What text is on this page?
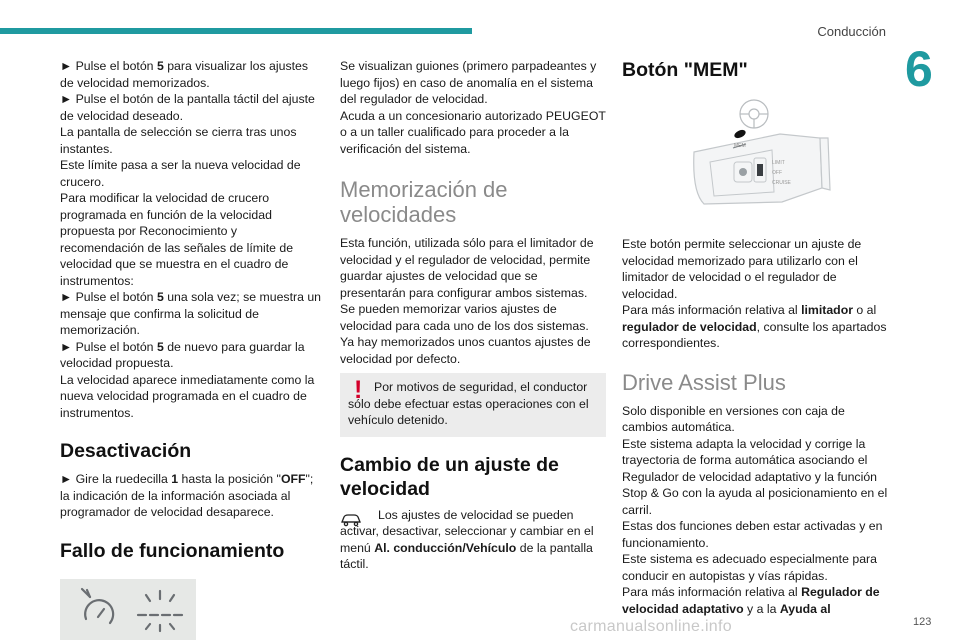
Conducción
6

► Pulse el botón 5 para visualizar los ajustes de velocidad memorizados.

► Pulse el botón de la pantalla táctil del ajuste de velocidad deseado.

La pantalla de selección se cierra tras unos instantes.

Este límite pasa a ser la nueva velocidad de crucero.

Para modificar la velocidad de crucero programada en función de la velocidad propuesta por Reconocimiento y recomendación de las señales de límite de velocidad que se muestra en el cuadro de instrumentos:

► Pulse el botón 5 una sola vez; se muestra un mensaje que confirma la solicitud de memorización.

► Pulse el botón 5 de nuevo para guardar la velocidad propuesta.

La velocidad aparece inmediatamente como la nueva velocidad programada en el cuadro de instrumentos.

Desactivación

► Gire la ruedecilla 1 hasta la posición "OFF"; la indicación de la información asociada al programador de velocidad desaparece.

Fallo de funcionamiento

Se visualizan guiones (primero parpadeantes y luego fijos) en caso de anomalía en el sistema del regulador de velocidad.

Acuda a un concesionario autorizado PEUGEOT o a un taller cualificado para proceder a la verificación del sistema.

Memorización de velocidades

Esta función, utilizada sólo para el limitador de velocidad y el regulador de velocidad, permite guardar ajustes de velocidad que se presentarán para configurar ambos sistemas.

Se pueden memorizar varios ajustes de velocidad para cada uno de los dos sistemas.

Ya hay memorizados unos cuantos ajustes de velocidad por defecto.

! Por motivos de seguridad, el conductor sólo debe efectuar estas operaciones con el vehículo detenido.

Cambio de un ajuste de velocidad

Los ajustes de velocidad se pueden activar, desactivar, seleccionar y cambiar en el menú Al. conducción/Vehículo de la pantalla táctil.

Botón "MEM"
MEM
LIMIT
OFF
CRUISE

Este botón permite seleccionar un ajuste de velocidad memorizado para utilizarlo con el limitador de velocidad o el regulador de velocidad.

Para más información relativa al limitador o al regulador de velocidad, consulte los apartados correspondientes.

Drive Assist Plus

Solo disponible en versiones con caja de cambios automática.

Este sistema adapta la velocidad y corrige la trayectoria de forma automática asociando el Regulador de velocidad adaptativo y la función Stop & Go con la ayuda al posicionamiento en el carril.

Estas dos funciones deben estar activadas y en funcionamiento.

Este sistema es adecuado especialmente para conducir en autopistas y vías rápidas.

Para más información relativa al Regulador de velocidad adaptativo y a la Ayuda al

carmanualsonline.info	123
